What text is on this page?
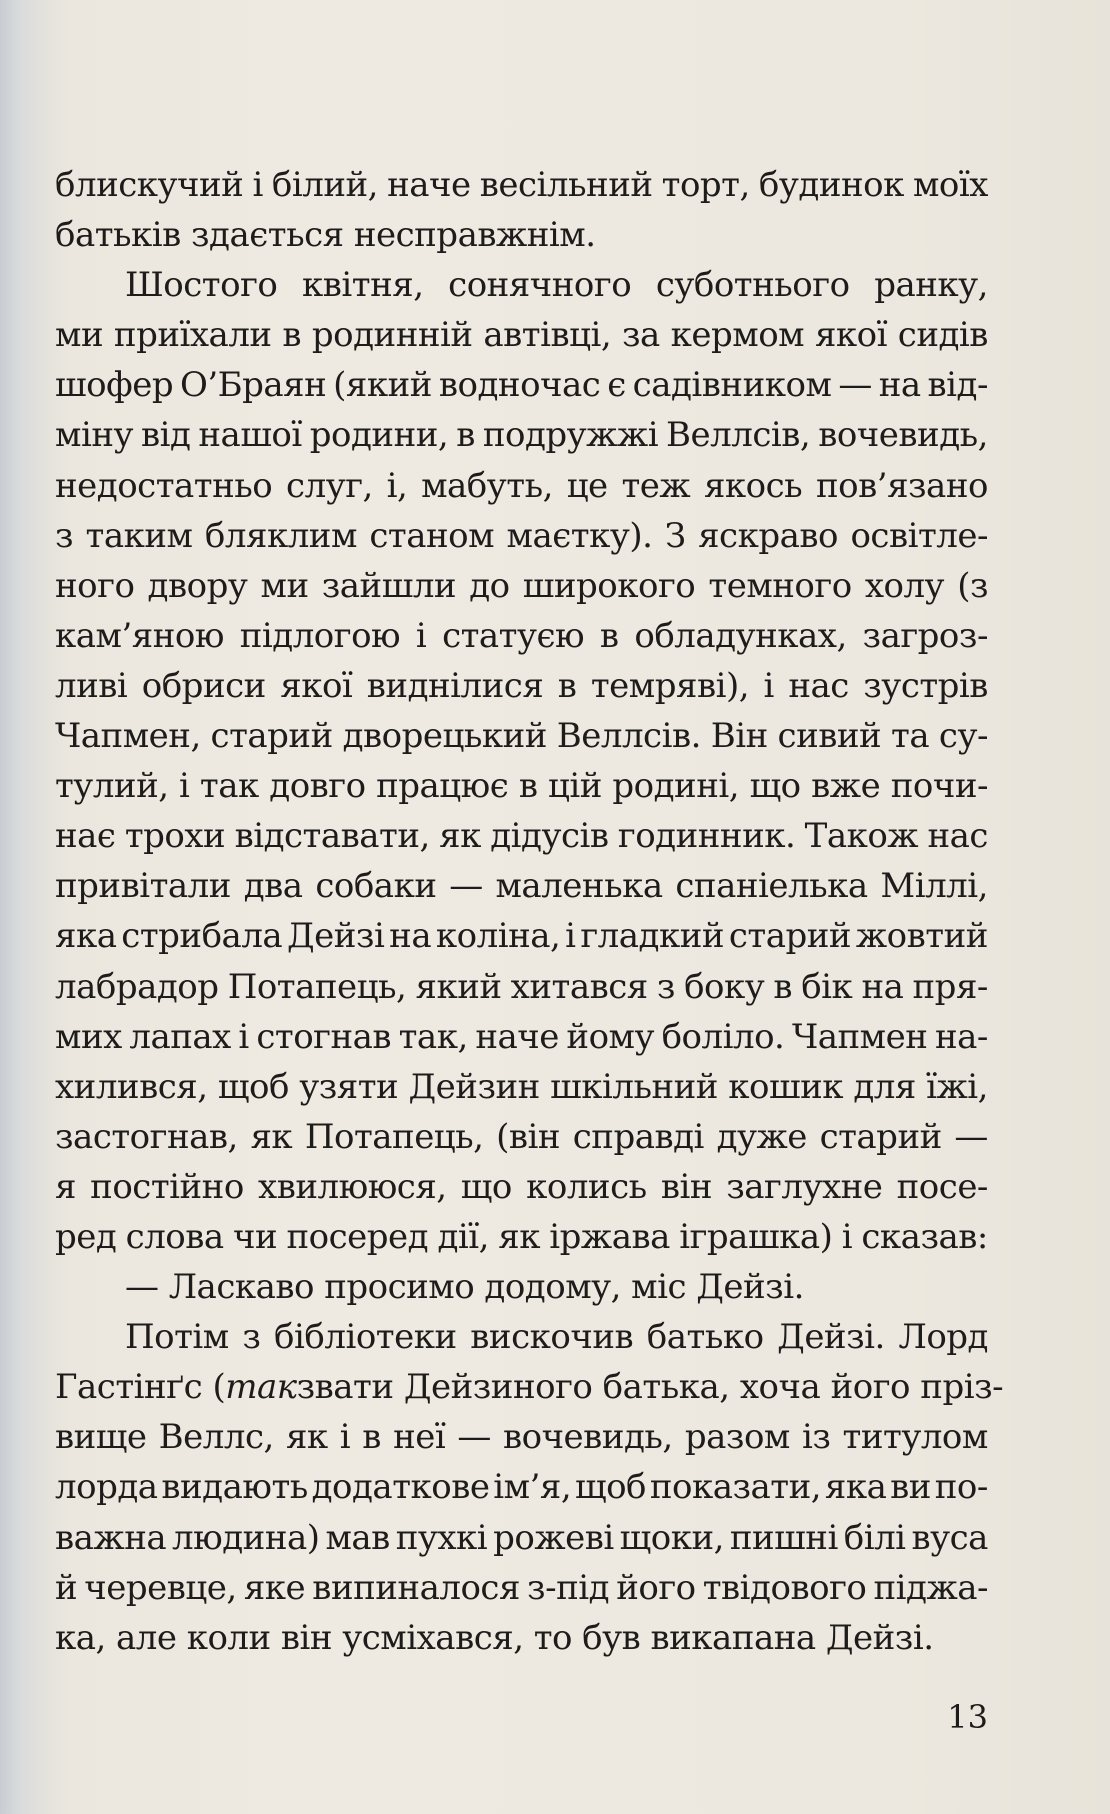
блискучий і білий, наче весільний торт, будинок моїх
батьків здається несправжнім.
Шостого квітня, сонячного суботнього ранку,
ми приїхали в родинній автівці, за кермом якої сидів
шофер О’Браян (який водночас є садівником — на від-
міну від нашої родини, в подружжі Веллсів, вочевидь,
недостатньо слуг, і, мабуть, це теж якось пов’язано
з таким бляклим станом маєтку). З яскраво освітле-
ного двору ми зайшли до широкого темного холу (з
кам’яною підлогою і статуєю в обладунках, загроз-
ливі обриси якої виднілися в темряві), і нас зустрів
Чапмен, старий дворецький Веллсів. Він сивий та су-
тулий, і так довго працює в цій родині, що вже почи-
нає трохи відставати, як дідусів годинник. Також нас
привітали два собаки — маленька спаніелька Міллі,
яка стрибала Дейзі на коліна, і гладкий старий жовтий
лабрадор Потапець, який хитався з боку в бік на пря-
мих лапах і стогнав так, наче йому боліло. Чапмен на-
хилився, щоб узяти Дейзин шкільний кошик для їжі,
застогнав, як Потапець, (він справді дуже старий —
я постійно хвилююся, що колись він заглухне посе-
ред слова чи посеред дії, як іржава іграшка) і сказав:
— Ласкаво просимо додому, міс Дейзі.
Потім з бібліотеки вискочив батько Дейзі. Лорд
Гастінґс ( так звати Дейзиного батька, хоча його пріз-
вище Веллс, як і в неї — вочевидь, разом із титулом
лорда видають додаткове ім’я, щоб показати, яка ви по-
важна людина) мав пухкі рожеві щоки, пишні білі вуса
й черевце, яке випиналося з-під його твідового піджа-
ка, але коли він усміхався, то був викапана Дейзі.
13
